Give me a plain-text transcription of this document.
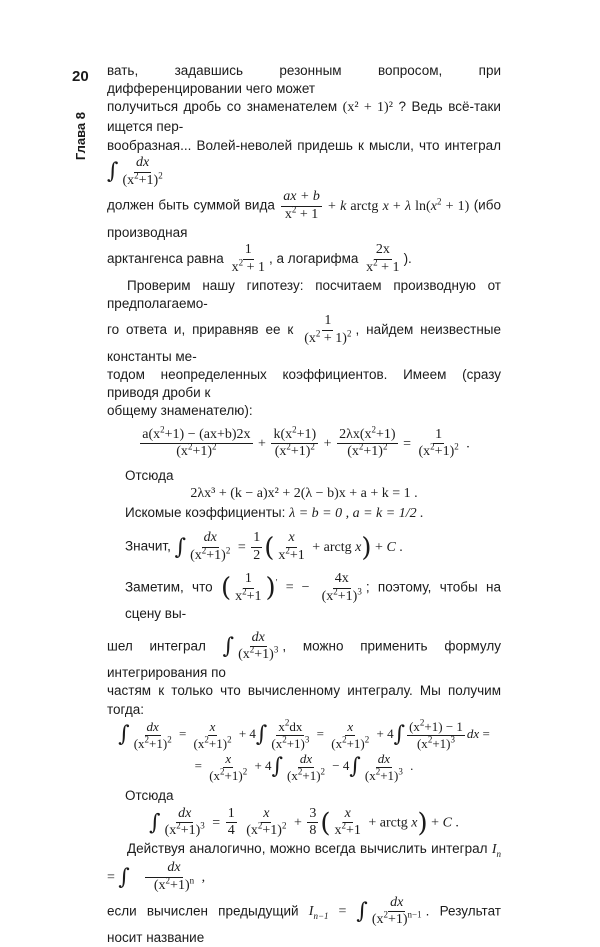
20
Глава 8

вать, задавшись резонным вопросом, при дифференцировании чего может

получиться дробь со знаменателем (x² + 1)² ? Ведь всё-таки ищется пер-

вообразная... Волей-неволей придешь к мысли, что интеграл ∫ $\frac{dx}{(x^2+1)^2}$

должен быть суммой вида $\frac{ax + b}{x^2 + 1} + k$ arctg x + λ $\ln(x^2 + 1)$ (ибо производная

арктангенса равна $\frac{1}{x^2 + 1}$ , а логарифма $\frac{2x}{x^2 + 1}$ ).

Проверим нашу гипотезу: посчитаем производную от предполагаемо-

го ответа и, приравняв ее к $\frac{1}{(x^2 + 1)^2}$ , найдем неизвестные константы ме-

тодом неопределенных коэффициентов. Имеем (сразу приводя дроби к

общему знаменателю):

$\frac{a(x^2+1) - (ax+b)2x}{(x^2+1)^2} + \frac{k(x^2+1)}{(x^2+1)^2} + \frac{2\lambda x(x^2+1)}{(x^2+1)^2} = \frac{1}{(x^2+1)^2}$ .

Отсюда

2λx³ + (k − a)x² + 2(λ − b)x + a + k = 1 .

Искомые коэффициенты: λ = b = 0 , a = k = 1/2 .

Значит, ∫ $\frac{dx}{(x^2+1)^2} = \frac{1}{2}$ ( $\frac{x}{x^2+1}$ + arctg x) + C .

Заметим, что ( $\frac{1}{x^2+1} )'$ = − $\frac{4x}{(x^2+1)^3}$ ; поэтому, чтобы на сцену вы-

шел интеграл ∫ $\frac{dx}{(x^2+1)^3}$ , можно применить формулу интегрирования по

частям к только что вычисленному интегралу. Мы получим тогда:

∫ $\frac{dx}{(x^2+1)^2} = \frac{x}{(x^2+1)^2} + 4\int \frac{x^2dx}{(x^2+1)^3} = \frac{x}{(x^2+1)^2} + 4\int \frac{(x^2+1) - 1}{(x^2+1)^3}$ dx =
= $\frac{x}{(x^2+1)^2} + 4\int \frac{dx}{(x^2+1)^2} - 4\int \frac{dx}{(x^2+1)^3}$ .

Отсюда

∫ $\frac{dx}{(x^2+1)^3} = \frac{1}{4}$
$\frac{x}{(x^2+1)^2} + \frac{3}{8}$ ( $\frac{x}{x^2+1}$ + arctg x) + C .

Действуя аналогично, можно всегда вычислить интеграл $I_n$ = ∫ $\frac{dx}{(x^2+1)^n}$ ,

если вычислен предыдущий $I_{n-1}$ = ∫ $\frac{dx}{(x^2+1)^{n-1}}$ . Результат носит название
